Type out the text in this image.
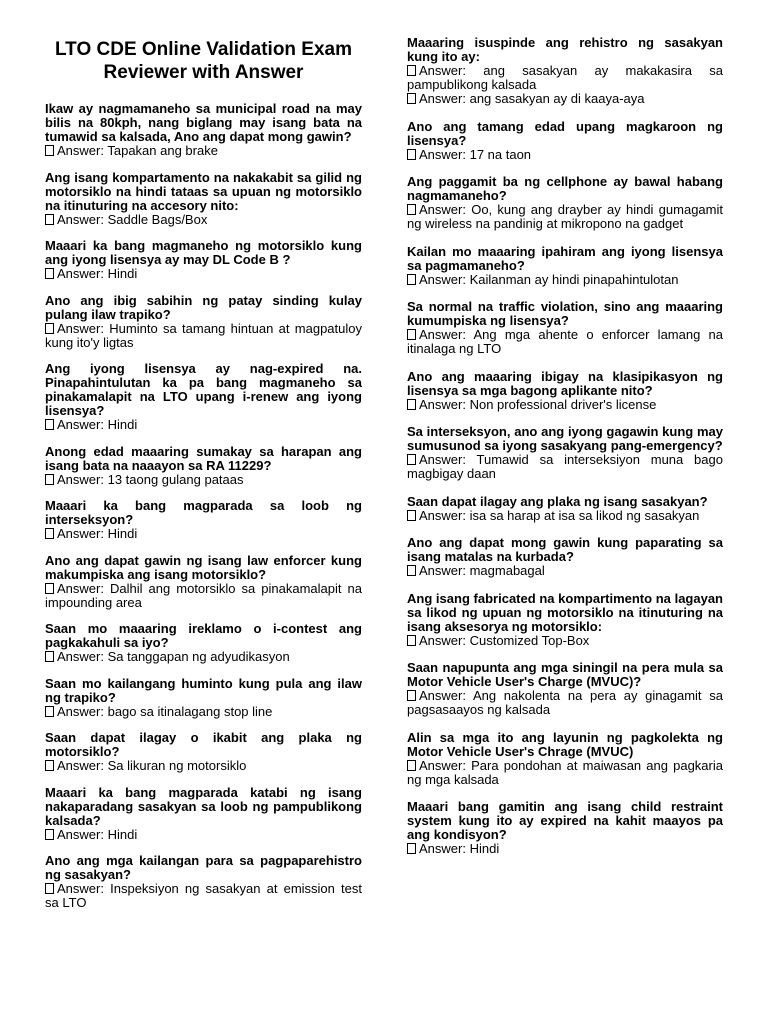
LTO CDE Online Validation Exam Reviewer with Answer

Ikaw ay nagmamaneho sa municipal road na may bilis na 80kph, nang biglang may isang bata na tumawid sa kalsada, Ano ang dapat mong gawin?

Answer: Tapakan ang brake

Ang isang kompartamento na nakakabit sa gilid ng motorsiklo na hindi tataas sa upuan ng motorsiklo na itinuturing na accesory nito:

Answer: Saddle Bags/Box

Maaari ka bang magmaneho ng motorsiklo kung ang iyong lisensya ay may DL Code B ?

Answer: Hindi

Ano ang ibig sabihin ng patay sinding kulay pulang ilaw trapiko?

Answer: Huminto sa tamang hintuan at magpatuloy kung ito'y ligtas

Ang iyong lisensya ay nag-expired na. Pinapahintulutan ka pa bang magmaneho sa pinakamalapit na LTO upang i-renew ang iyong lisensya?

Answer: Hindi

Anong edad maaaring sumakay sa harapan ang isang bata na naaayon sa RA 11229?

Answer: 13 taong gulang pataas

Maaari ka bang magparada sa loob ng interseksyon?

Answer: Hindi

Ano ang dapat gawin ng isang law enforcer kung makumpiska ang isang motorsiklo?

Answer: Dalhil ang motorsiklo sa pinakamalapit na impounding area

Saan mo maaaring ireklamo o i-contest ang pagkakahuli sa iyo?

Answer: Sa tanggapan ng adyudikasyon

Saan mo kailangang huminto kung pula ang ilaw ng trapiko?

Answer: bago sa itinalagang stop line

Saan dapat ilagay o ikabit ang plaka ng motorsiklo?

Answer: Sa likuran ng motorsiklo

Maaari ka bang magparada katabi ng isang nakaparadang sasakyan sa loob ng pampublikong kalsada?

Answer: Hindi

Ano ang mga kailangan para sa pagpaparehistro ng sasakyan?

Answer: Inspeksiyon ng sasakyan at emission test sa LTO

Maaaring isuspinde ang rehistro ng sasakyan kung ito ay:

Answer: ang sasakyan ay makakasira sa pampublikong kalsada

Answer: ang sasakyan ay di kaaya-aya

Ano ang tamang edad upang magkaroon ng lisensya?

Answer: 17 na taon

Ang paggamit ba ng cellphone ay bawal habang nagmamaneho?

Answer: Oo, kung ang drayber ay hindi gumagamit ng wireless na pandinig at mikropono na gadget

Kailan mo maaaring ipahiram ang iyong lisensya sa pagmamaneho?

Answer: Kailanman ay hindi pinapahintulotan

Sa normal na traffic violation, sino ang maaaring kumumpiska ng lisensya?

Answer: Ang mga ahente o enforcer lamang na itinalaga ng LTO

Ano ang maaaring ibigay na klasipikasyon ng lisensya sa mga bagong aplikante nito?

Answer: Non professional driver's license

Sa interseksyon, ano ang iyong gagawin kung may sumusunod sa iyong sasakyang pang-emergency?

Answer: Tumawid sa interseksiyon muna bago magbigay daan

Saan dapat ilagay ang plaka ng isang sasakyan?

Answer: isa sa harap at isa sa likod ng sasakyan

Ano ang dapat mong gawin kung paparating sa isang matalas na kurbada?

Answer: magmabagal

Ang isang fabricated na kompartimento na lagayan sa likod ng upuan ng motorsiklo na itinuturing na isang aksesorya ng motorsiklo:

Answer: Customized Top-Box

Saan napupunta ang mga siningil na pera mula sa Motor Vehicle User's Charge (MVUC)?

Answer: Ang nakolenta na pera ay ginagamit sa pagsasaayos ng kalsada

Alin sa mga ito ang layunin ng pagkolekta ng Motor Vehicle User's Chrage (MVUC)

Answer: Para pondohan at maiwasan ang pagkaria ng mga kalsada

Maaari bang gamitin ang isang child restraint system kung ito ay expired na kahit maayos pa ang kondisyon?

Answer: Hindi
